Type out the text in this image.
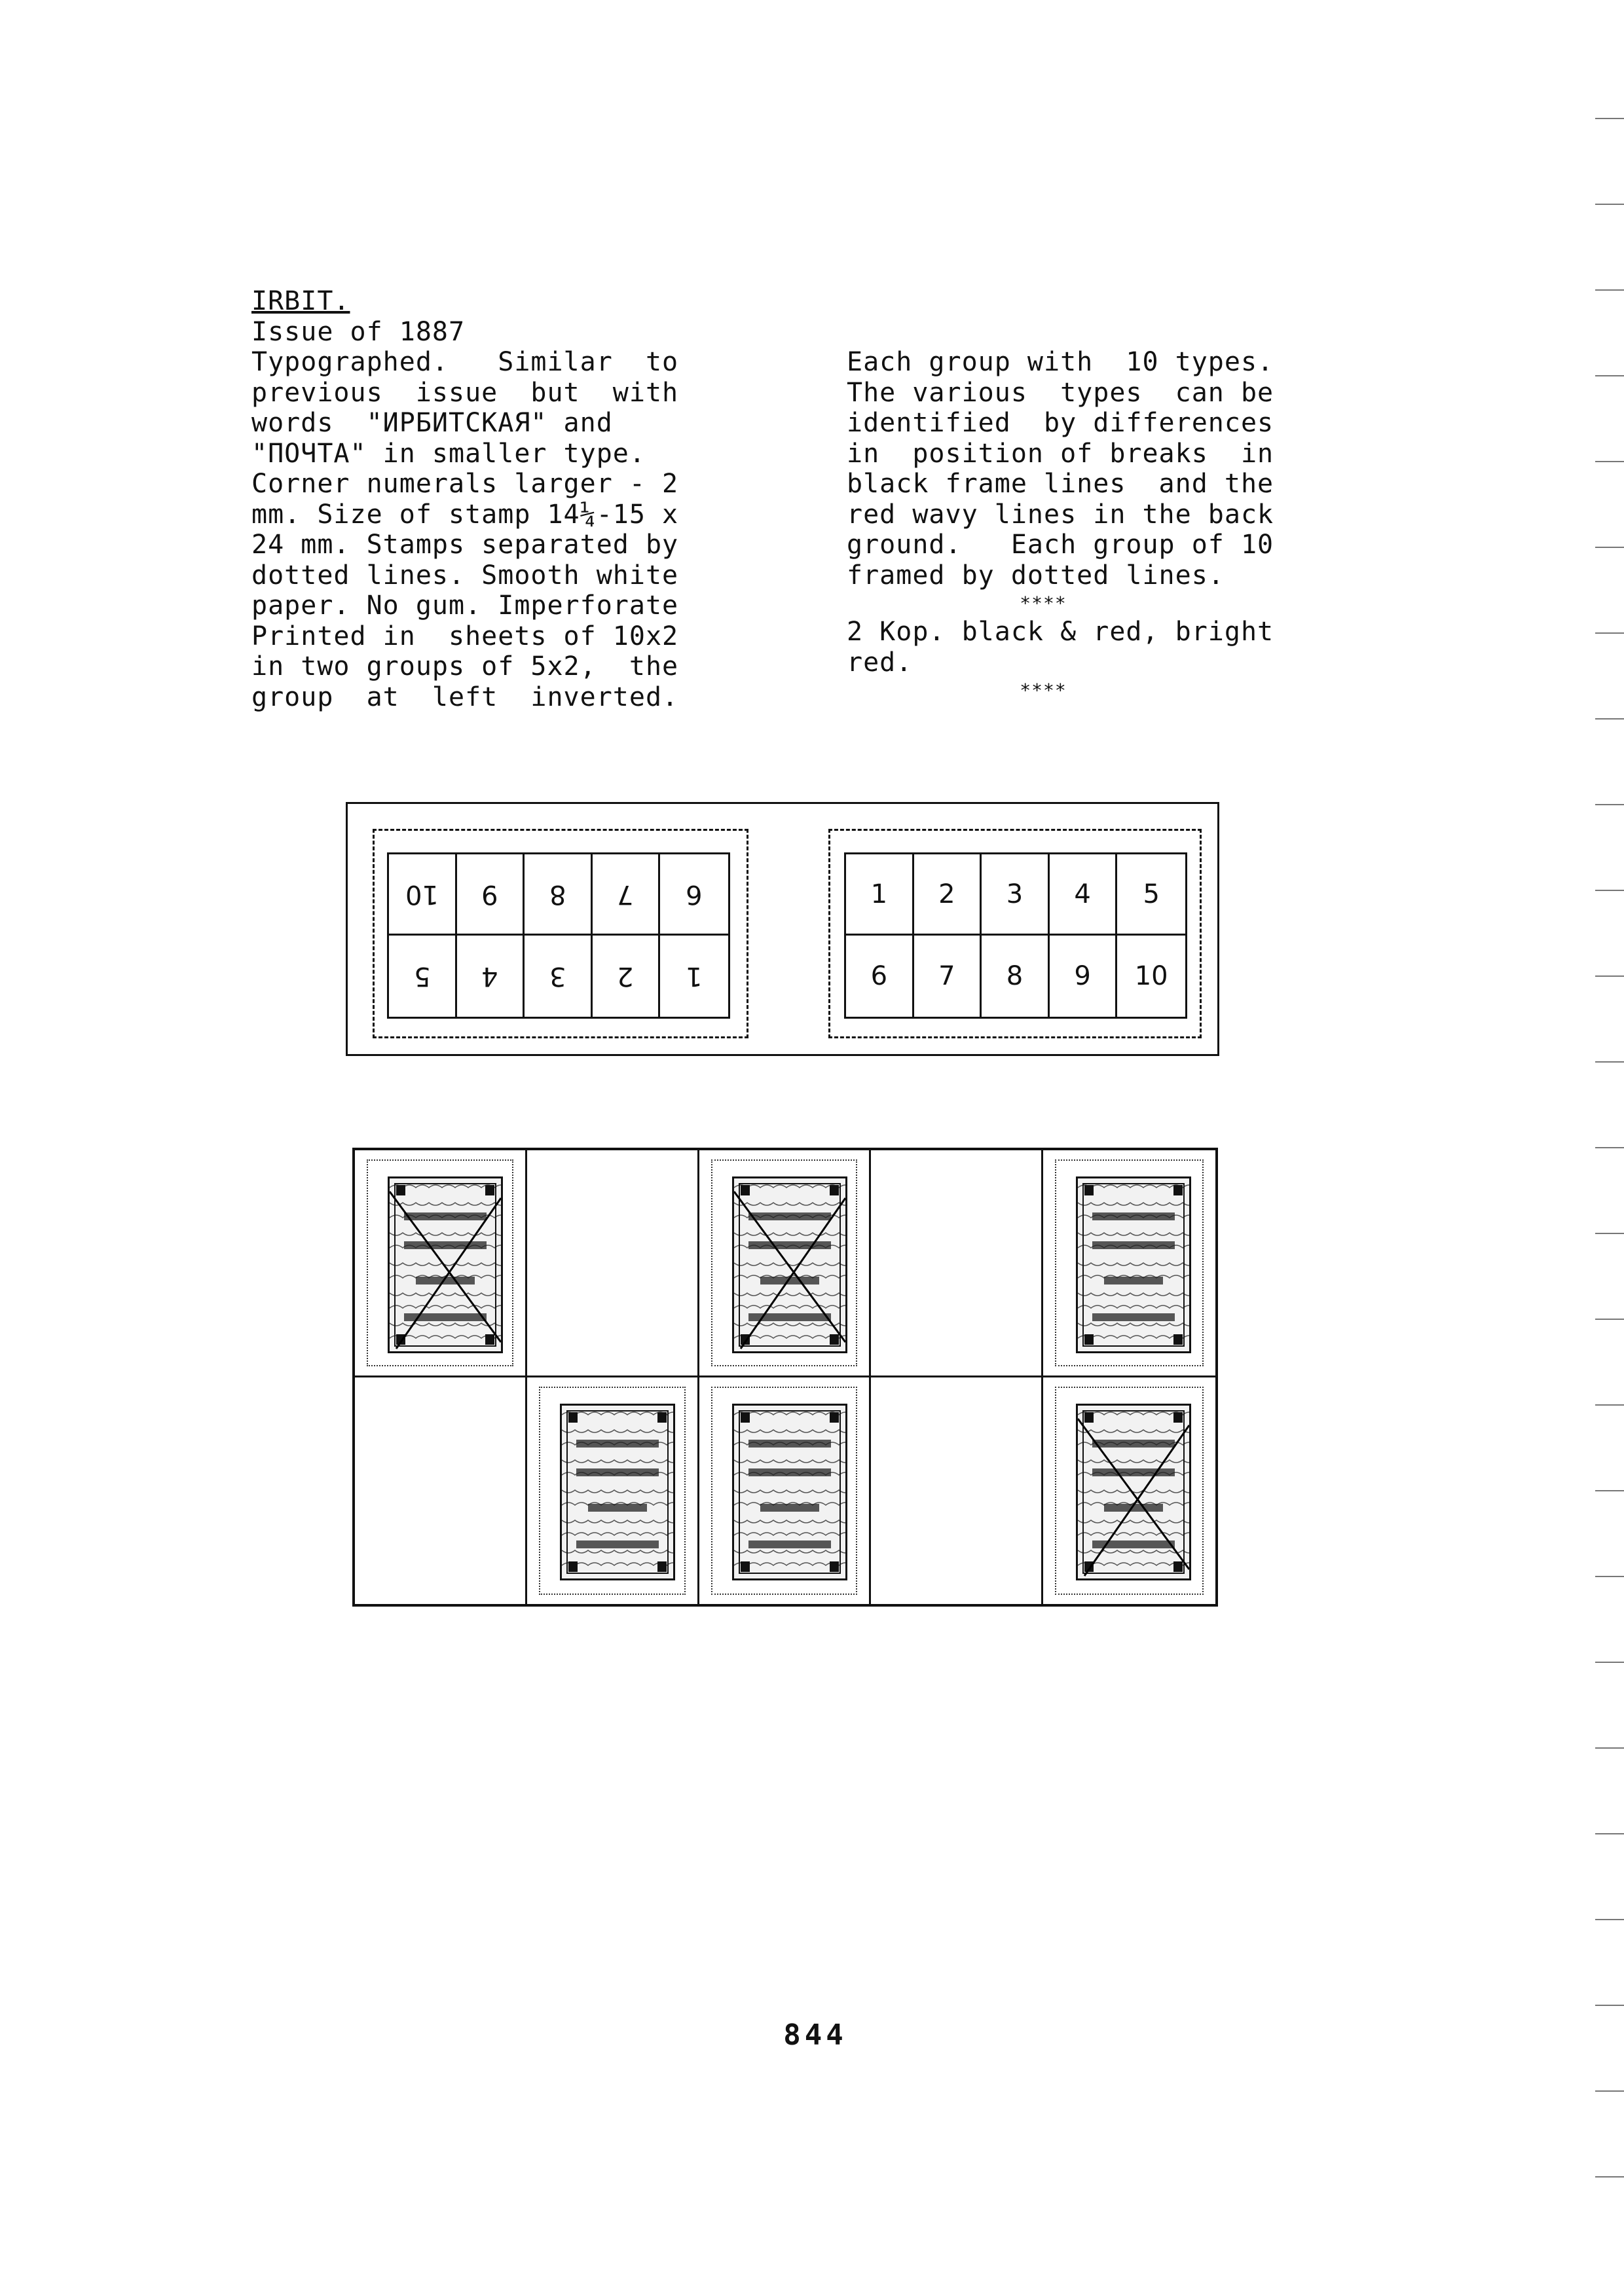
IRBIT.
Issue of 1887
Typographed.   Similar  to
previous  issue  but  with
words  "ИРБИТСКАЯ" and
"ПОЧТА" in smaller type.
Corner numerals larger - 2
mm. Size of stamp 14¼-15 x
24 mm. Stamps separated by
dotted lines. Smooth white
paper. No gum. Imperforate
Printed in  sheets of 10x2
in two groups of 5x2,  the
group  at  left  inverted.
Each group with  10 types.
The various  types  can be
identified  by differences
in  position of breaks  in
black frame lines  and the
red wavy lines in the back
ground.   Each group of 10
framed by dotted lines.
****
2 Kop. black & red, bright
red.
****
10 9 8 7 6
5 4 3 2 1
1	2	3	4	5
6	7	8	9	10
844
